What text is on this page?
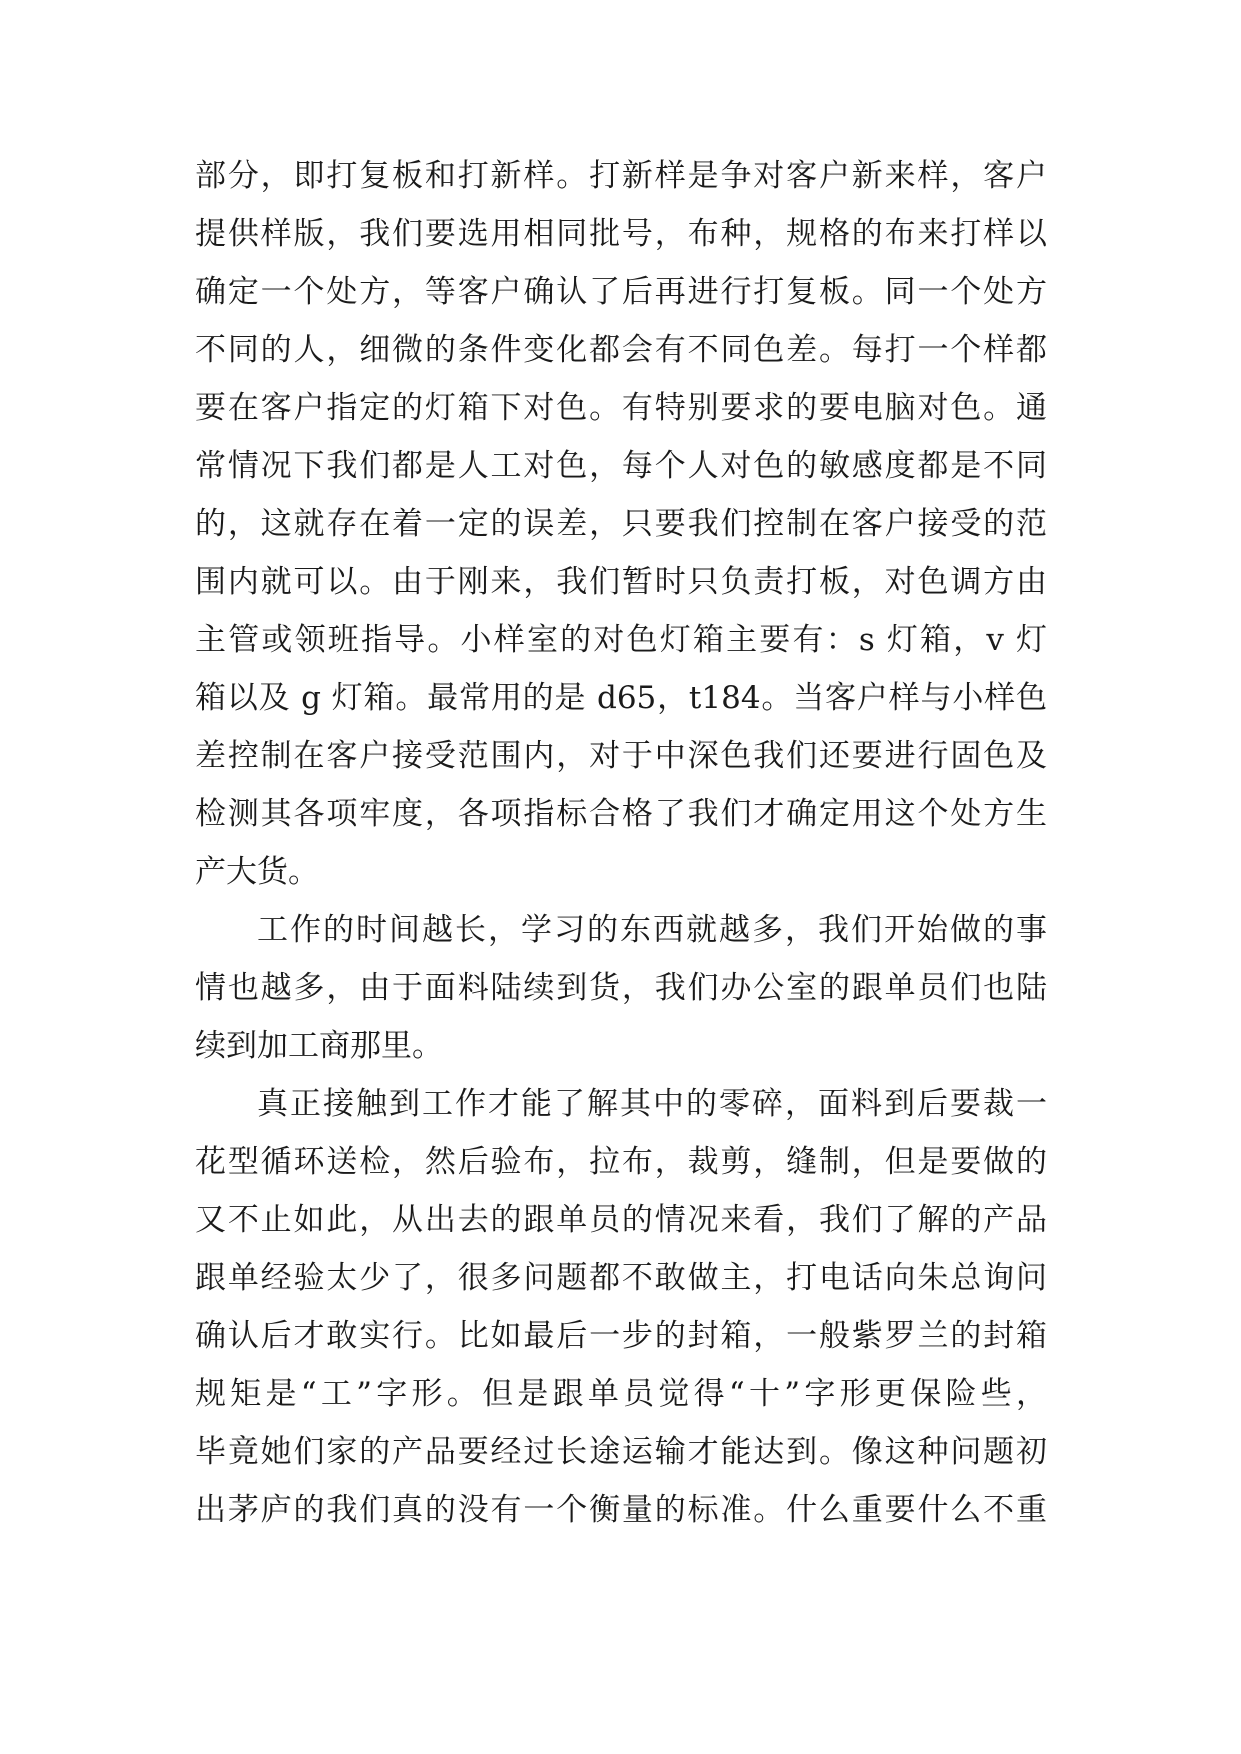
部分，即打复板和打新样。打新样是争对客户新来样，客户
提供样版，我们要选用相同批号，布种，规格的布来打样以
确定一个处方，等客户确认了后再进行打复板。同一个处方
不同的人，细微的条件变化都会有不同色差。每打一个样都
要在客户指定的灯箱下对色。有特别要求的要电脑对色。通
常情况下我们都是人工对色，每个人对色的敏感度都是不同
的，这就存在着一定的误差，只要我们控制在客户接受的范
围内就可以。由于刚来，我们暂时只负责打板，对色调方由
主管或领班指导。小样室的对色灯箱主要有：s 灯箱，v 灯
箱以及 g 灯箱。最常用的是 d65，t184。当客户样与小样色
差控制在客户接受范围内，对于中深色我们还要进行固色及
检测其各项牢度，各项指标合格了我们才确定用这个处方生
产大货。
工作的时间越长，学习的东西就越多，我们开始做的事
情也越多，由于面料陆续到货，我们办公室的跟单员们也陆
续到加工商那里。
真正接触到工作才能了解其中的零碎，面料到后要裁一
花型循环送检，然后验布，拉布，裁剪，缝制，但是要做的
又不止如此，从出去的跟单员的情况来看，我们了解的产品
跟单经验太少了，很多问题都不敢做主，打电话向朱总询问
确认后才敢实行。比如最后一步的封箱，一般紫罗兰的封箱
规矩是“工”字形。但是跟单员觉得“十”字形更保险些，
毕竟她们家的产品要经过长途运输才能达到。像这种问题初
出茅庐的我们真的没有一个衡量的标准。什么重要什么不重
